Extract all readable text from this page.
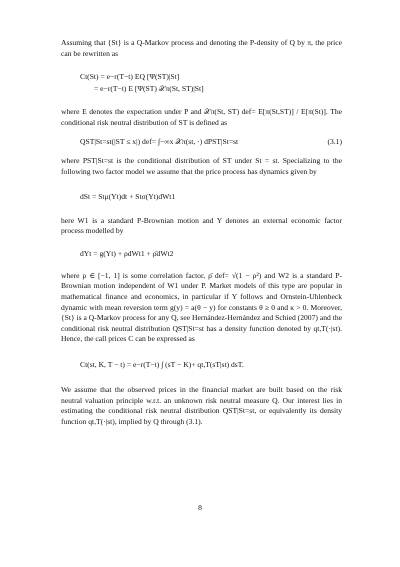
Assuming that {St} is a Q-Markov process and denoting the P-density of Q by π, the price can be rewritten as

Ct(St) = e−r(T−t) EQ [Ψ(ST)|St]
= e−r(T−t) E [Ψ(ST) 𝒳π(St, ST)|St]

where E denotes the expectation under P and 𝒳π(St, ST) def= E[π(St,ST)] / E[π(St)]. The conditional risk neutral distribution of ST is defined as

QST|St=st(|ST ≤ x|) def= ∫−∞x 𝒳π(st, ·) dPST|St=st	(3.1)

where PST|St=st is the conditional distribution of ST under St = st. Specializing to the following two factor model we assume that the price process has dynamics given by

dSt = Stμ(Yt)dt + Stσ(Yt)dWt1

here W1 is a standard P-Brownian motion and Y denotes an external economic factor process modelled by

dYt = g(Yt) + ρdWt1 + ρ̄dWt2

where ρ ∈ [−1, 1] is some correlation factor, ρ̄ def= √(1 − ρ²) and W2 is a standard P-Brownian motion independent of W1 under P. Market models of this type are popular in mathematical finance and economics, in particular if Y follows and Ornstein-Uhlenbeck dynamic with mean reversion term g(y) = a(θ − y) for constants θ ≥ 0 and κ > 0. Moreover, {St} is a Q-Markov process for any Q, see Hernández-Hernández and Schied (2007) and the conditional risk neutral distribution QST|St=st has a density function denoted by qt,T(·|st). Hence, the call prices C can be expressed as

Ct(st, K, T − t) = e−r(T−t) ∫ (sT − K)+ qt,T(sT|st) dsT.

We assume that the observed prices in the financial market are built based on the risk neutral valuation principle w.r.t. an unknown risk neutral measure Q. Our interest lies in estimating the conditional risk neutral distribution QST|St=st, or equivalently its density function qt,T(·|st), implied by Q through (3.1).

8
